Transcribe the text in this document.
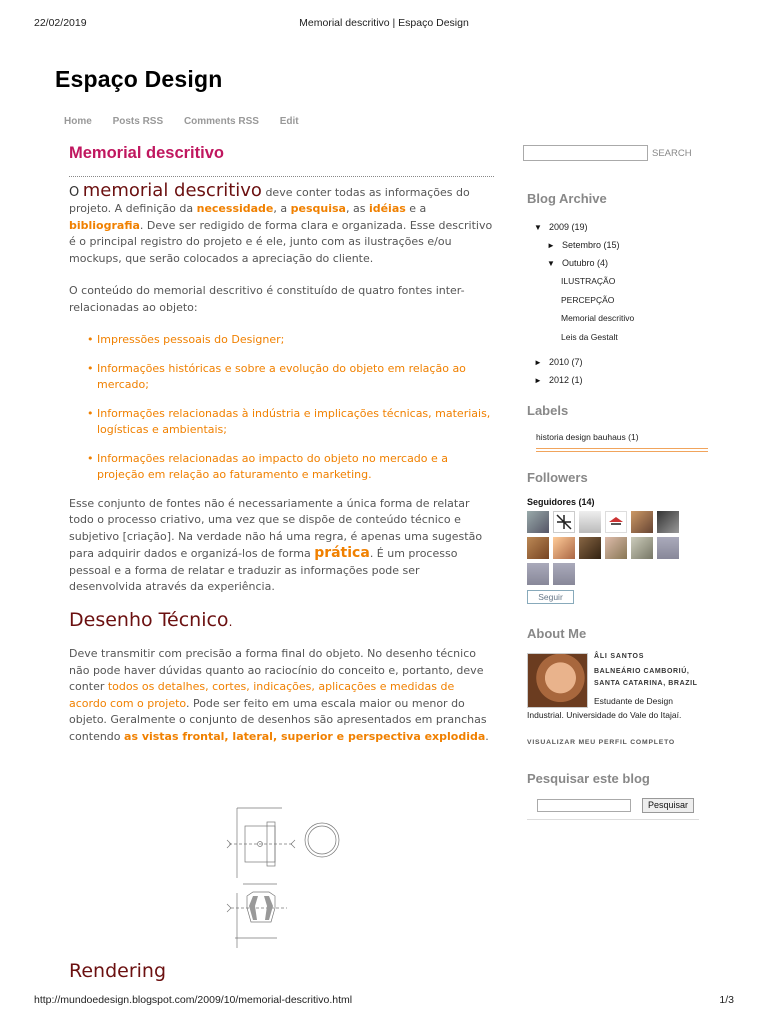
22/02/2019	Memorial descritivo | Espaço Design
Espaço Design
Home Posts RSS Comments RSS Edit
Memorial descritivo

O memorial descritivo deve conter todas as informações do projeto. A definição da necessidade, a pesquisa, as idéias e a bibliografia. Deve ser redigido de forma clara e organizada. Esse descritivo é o principal registro do projeto e é ele, junto com as ilustrações e/ou mockups, que serão colocados a apreciação do cliente.

O conteúdo do memorial descritivo é constituído de quatro fontes inter-relacionadas ao objeto:

• Impressões pessoais do Designer;
• Informações históricas e sobre a evolução do objeto em relação ao mercado;
• Informações relacionadas à indústria e implicações técnicas, materiais, logísticas e ambientais;
• Informações relacionadas ao impacto do objeto no mercado e a projeção em relação ao faturamento e marketing.

Esse conjunto de fontes não é necessariamente a única forma de relatar todo o processo criativo, uma vez que se dispõe de conteúdo técnico e subjetivo [criação]. Na verdade não há uma regra, é apenas uma sugestão para adquirir dados e organizá-los de forma prática. É um processo pessoal e a forma de relatar e traduzir as informações pode ser desenvolvida através da experiência.

Desenho Técnico.

Deve transmitir com precisão a forma final do objeto. No desenho técnico não pode haver dúvidas quanto ao raciocínio do conceito e, portanto, deve conter todos os detalhes, cortes, indicações, aplicações e medidas de acordo com o projeto. Pode ser feito em uma escala maior ou menor do objeto. Geralmente o conjunto de desenhos são apresentados em pranchas contendo as vistas frontal, lateral, superior e perspectiva explodida.

Rendering
SEARCH
Blog Archive
▼ 2009 (19)
► Setembro (15)
▼ Outubro (4)
ILUSTRAÇÃO
PERCEPÇÃO
Memorial descritivo
Leis da Gestalt
► 2010 (7)
► 2012 (1)
Labels
historia design bauhaus (1)
Followers
Seguidores (14)
Seguir
About Me
ÂLI SANTOS
BALNEÁRIO CAMBORIÚ, SANTA CATARINA, BRAZIL
Estudante de Design Industrial. Universidade do Vale do Itajaí.
VISUALIZAR MEU PERFIL COMPLETO
Pesquisar este blog
Pesquisar
http://mundoedesign.blogspot.com/2009/10/memorial-descritivo.html	1/3
